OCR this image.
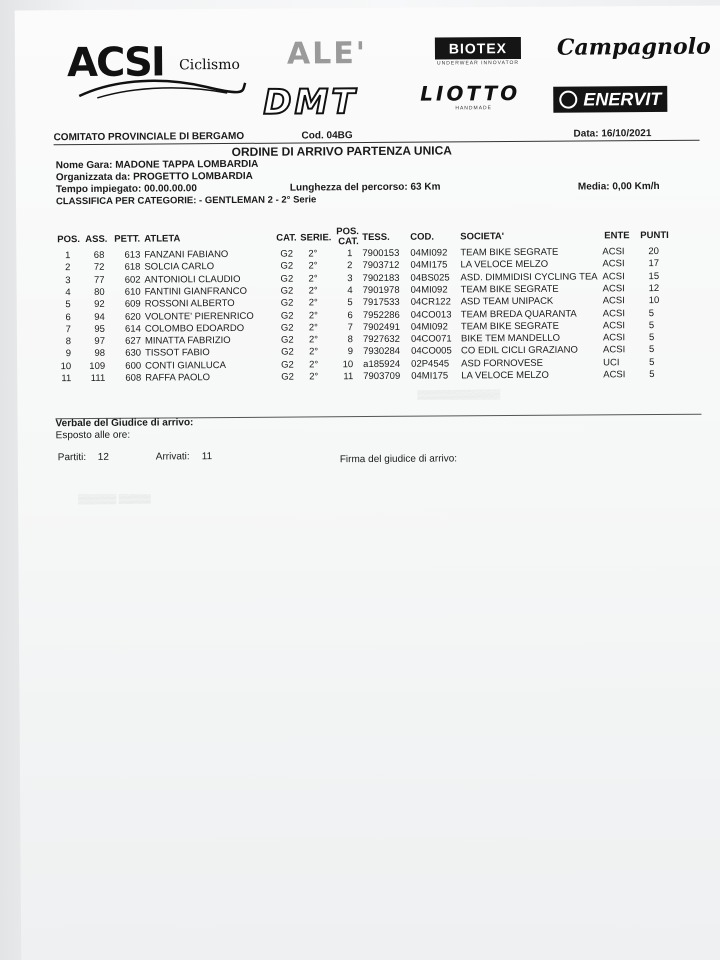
ACSI Ciclismo ALE'	BIOTEX
UNDERWEAR INNOVATOR
Campagnolo
DMT	LIOTTO
HANDMADE	ENERVIT
COMITATO PROVINCIALE DI BERGAMO	Cod. 04BG	Data: 16/10/2021
ORDINE DI ARRIVO PARTENZA UNICA
Nome Gara: MADONE TAPPA LOMBARDIA
Organizzata da: PROGETTO LOMBARDIA
Tempo impiegato: 00.00.00.00	Lunghezza del percorso: 63 Km	Media: 0,00 Km/h
CLASSIFICA PER CATEGORIE: - GENTLEMAN 2 - 2° Serie
POS. ASS. PETT. ATLETA	CAT. SERIE.
POS.
CAT. TESS. COD.	SOCIETA'	ENTE PUNTI
1	68	613 FANZANI FABIANO	G2	2°	1 7900153	04MI092	TEAM BIKE SEGRATE	ACSI	20
2	72	618 SOLCIA CARLO	G2	2°	2 7903712	04MI175	LA VELOCE MELZO	ACSI	17
3	77	602 ANTONIOLI CLAUDIO	G2	2°	3 7902183	04BS025	ASD. DIMMIDISI CYCLING TEA ACSI	15
4	80	610 FANTINI GIANFRANCO	G2	2°	4 7901978	04MI092	TEAM BIKE SEGRATE	ACSI	12
5	92	609 ROSSONI ALBERTO	G2	2°	5 7917533	04CR122	ASD TEAM UNIPACK	ACSI	10
6	94	620 VOLONTE' PIERENRICO	G2	2°	6 7952286	04CO013 TEAM BREDA QUARANTA	ACSI	5
7	95	614 COLOMBO EDOARDO	G2	2°	7 7902491	04MI092	TEAM BIKE SEGRATE	ACSI	5
8	97	627 MINATTA FABRIZIO	G2	2°	8 7927632	04CO071 BIKE TEM MANDELLO	ACSI	5
9	98	630 TISSOT FABIO	G2	2°	9 7930284	04CO005 CO EDIL CICLI GRAZIANO	ACSI	5
10	109	600 CONTI GIANLUCA	G2	2°	10 a185924	02P4545	ASD FORNOVESE	UCI	5
11	111	608 RAFFA PAOLO	G2	2°	11 7903709	04MI175	LA VELOCE MELZO	ACSI	5
▒▒▒▒▒▒▒▒▒▒▒▒▒
▒▒▒▒▒▒ ▒▒▒▒▒
Verbale del Giudice di arrivo:
Esposto alle ore:
Partiti: 12	Arrivati: 11	Firma del giudice di arrivo:
